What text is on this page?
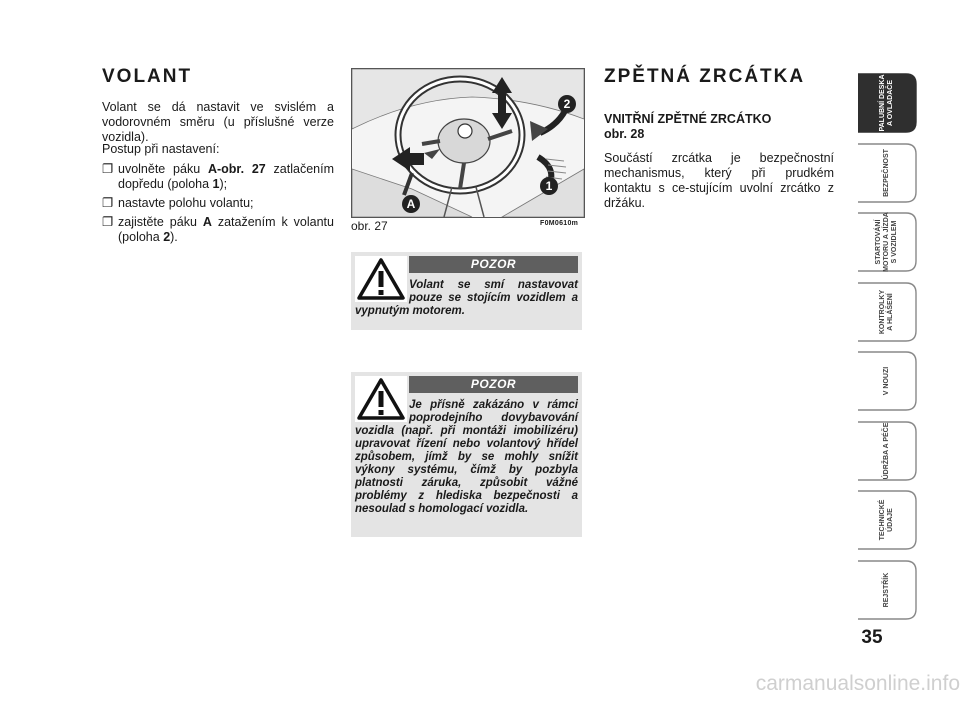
VOLANT

Volant se dá nastavit ve svislém a vodorovném směru (u příslušné verze vozidla).

Postup při nastavení:

❐ uvolněte páku A-obr. 27 zatlačením dopředu (poloha 1);
❐ nastavte polohu volantu;
❐ zajistěte páku A zatažením k volantu (poloha 2).
2
1
A

obr. 27	F0M0610m

POZOR

Volant se smí nastavovat pouze se stojícím vozidlem a vypnutým motorem.

POZOR

Je přísně zakázáno v rámci poprodejního dovybavování vozidla (např. při montáži imobilizéru) upravovat řízení nebo volantový hřídel způsobem, jímž by se mohly snížit výkony systému, čímž by pozbyla platnosti záruka, způsobit vážné problémy z hlediska bezpečnosti a nesoulad s homologací vozidla.

ZPĚTNÁ ZRCÁTKA
VNITŘNÍ ZPĚTNÉ ZRCÁTKO
obr. 28

Součástí zrcátka je bezpečnostní mechanismus, který při prudkém kontaktu s ce-stujícím uvolní zrcátko z držáku.

PALUBNÍ DESKA
A OVLADAČE
BEZPEČNOST
STARTOVÁNÍ
MOTORU A JÍZDA
S VOZIDLEM
KONTROLKY
A HLÁŠENÍ
V NOUZI
ÚDRŽBA A PÉČE
TECHNICKÉ ÚDAJE
REJSTŘÍK

35

carmanualsonline.info
